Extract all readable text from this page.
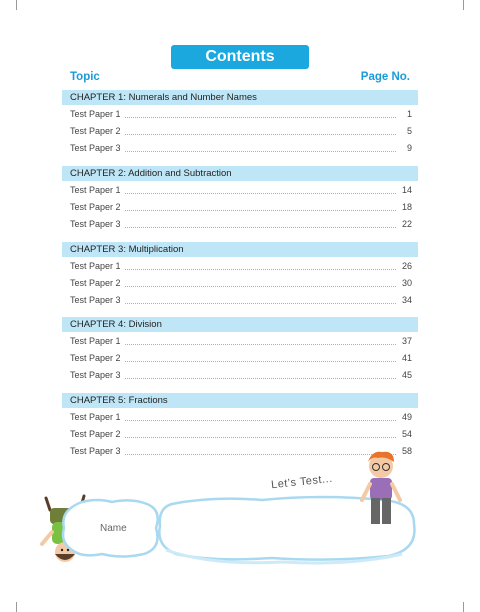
Contents
Topic	Page No.
CHAPTER 1: Numerals and Number Names
Test Paper 1	1
Test Paper 2	5
Test Paper 3	9
CHAPTER 2: Addition and Subtraction
Test Paper 1	14
Test Paper 2	18
Test Paper 3	22
CHAPTER 3: Multiplication
Test Paper 1	26
Test Paper 2	30
Test Paper 3	34
CHAPTER 4: Division
Test Paper 1	37
Test Paper 2	41
Test Paper 3	45
CHAPTER 5: Fractions
Test Paper 1	49
Test Paper 2	54
Test Paper 3	58
Name
Let’s Test...
